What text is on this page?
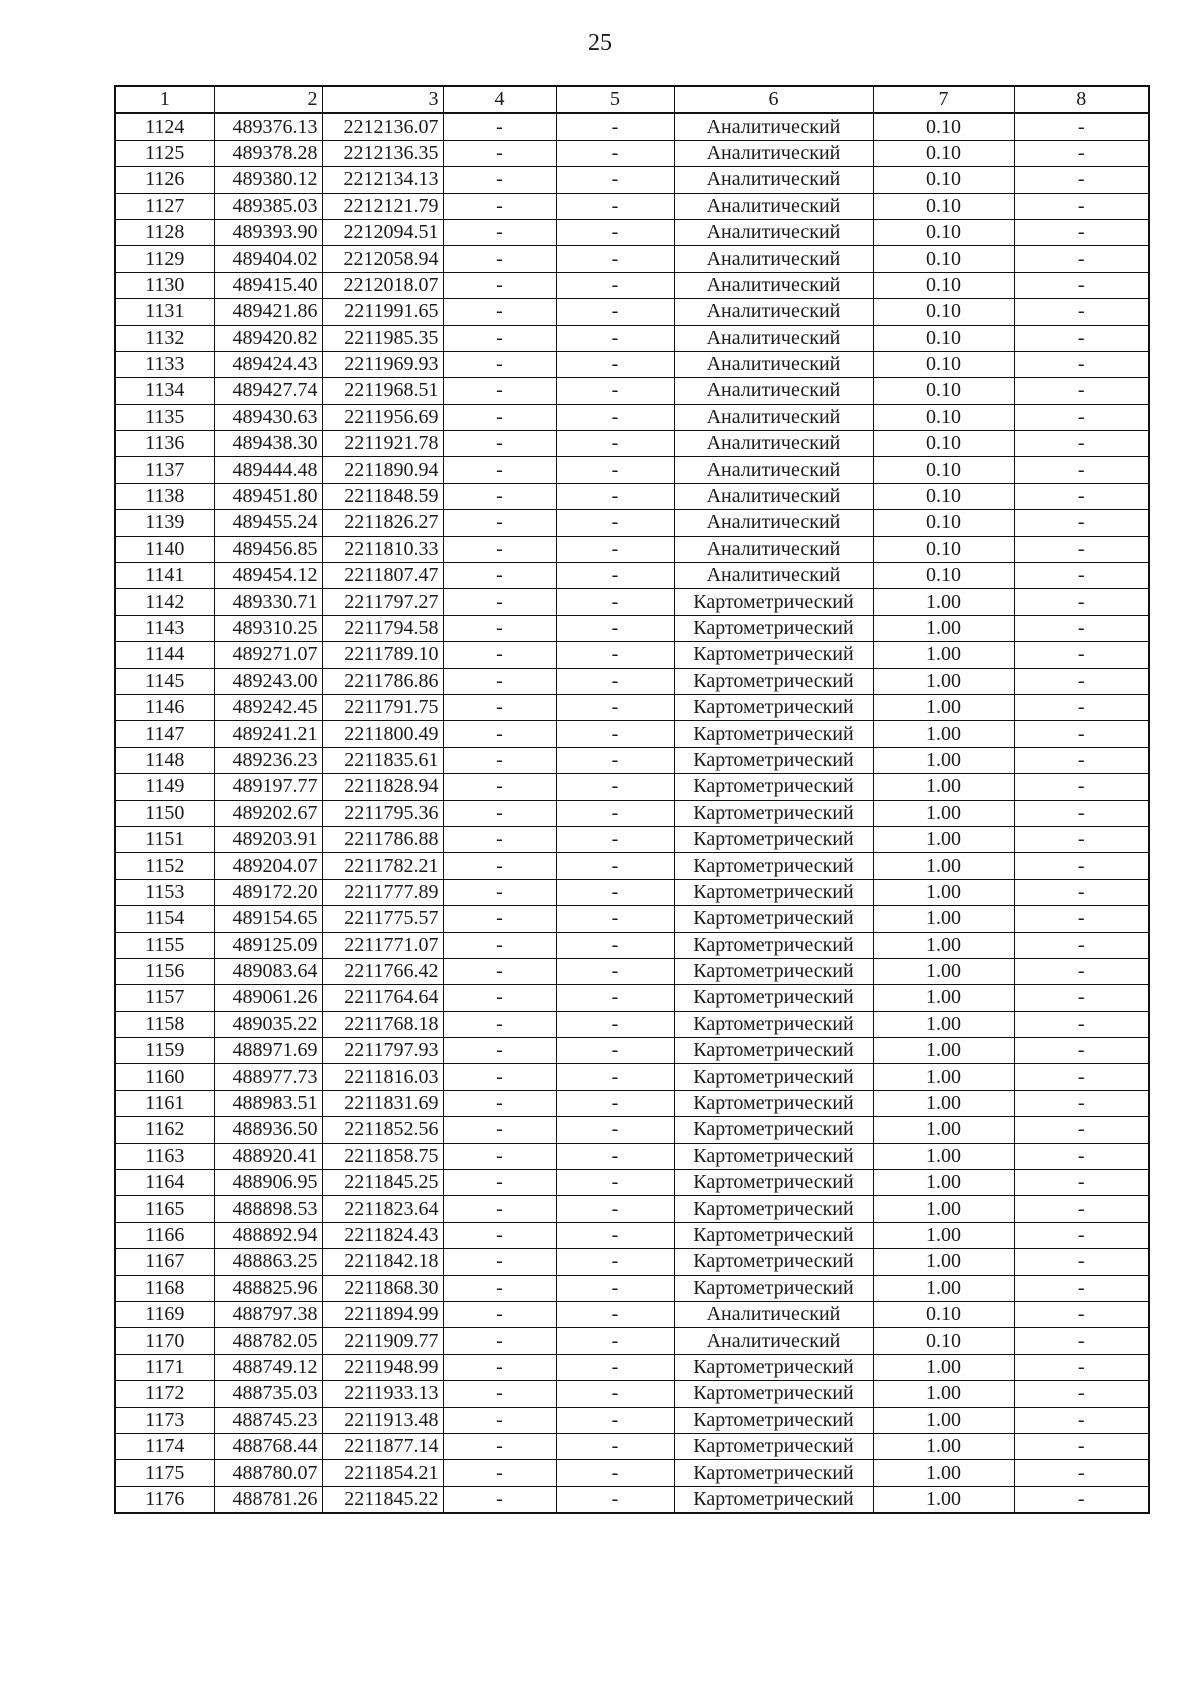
25
1	2	3	4	5	6	7	8
1124	489376.13	2212136.07	-	-	Аналитический	0.10	-
1125	489378.28	2212136.35	-	-	Аналитический	0.10	-
1126	489380.12	2212134.13	-	-	Аналитический	0.10	-
1127	489385.03	2212121.79	-	-	Аналитический	0.10	-
1128	489393.90	2212094.51	-	-	Аналитический	0.10	-
1129	489404.02	2212058.94	-	-	Аналитический	0.10	-
1130	489415.40	2212018.07	-	-	Аналитический	0.10	-
1131	489421.86	2211991.65	-	-	Аналитический	0.10	-
1132	489420.82	2211985.35	-	-	Аналитический	0.10	-
1133	489424.43	2211969.93	-	-	Аналитический	0.10	-
1134	489427.74	2211968.51	-	-	Аналитический	0.10	-
1135	489430.63	2211956.69	-	-	Аналитический	0.10	-
1136	489438.30	2211921.78	-	-	Аналитический	0.10	-
1137	489444.48	2211890.94	-	-	Аналитический	0.10	-
1138	489451.80	2211848.59	-	-	Аналитический	0.10	-
1139	489455.24	2211826.27	-	-	Аналитический	0.10	-
1140	489456.85	2211810.33	-	-	Аналитический	0.10	-
1141	489454.12	2211807.47	-	-	Аналитический	0.10	-
1142	489330.71	2211797.27	-	-	Картометрический	1.00	-
1143	489310.25	2211794.58	-	-	Картометрический	1.00	-
1144	489271.07	2211789.10	-	-	Картометрический	1.00	-
1145	489243.00	2211786.86	-	-	Картометрический	1.00	-
1146	489242.45	2211791.75	-	-	Картометрический	1.00	-
1147	489241.21	2211800.49	-	-	Картометрический	1.00	-
1148	489236.23	2211835.61	-	-	Картометрический	1.00	-
1149	489197.77	2211828.94	-	-	Картометрический	1.00	-
1150	489202.67	2211795.36	-	-	Картометрический	1.00	-
1151	489203.91	2211786.88	-	-	Картометрический	1.00	-
1152	489204.07	2211782.21	-	-	Картометрический	1.00	-
1153	489172.20	2211777.89	-	-	Картометрический	1.00	-
1154	489154.65	2211775.57	-	-	Картометрический	1.00	-
1155	489125.09	2211771.07	-	-	Картометрический	1.00	-
1156	489083.64	2211766.42	-	-	Картометрический	1.00	-
1157	489061.26	2211764.64	-	-	Картометрический	1.00	-
1158	489035.22	2211768.18	-	-	Картометрический	1.00	-
1159	488971.69	2211797.93	-	-	Картометрический	1.00	-
1160	488977.73	2211816.03	-	-	Картометрический	1.00	-
1161	488983.51	2211831.69	-	-	Картометрический	1.00	-
1162	488936.50	2211852.56	-	-	Картометрический	1.00	-
1163	488920.41	2211858.75	-	-	Картометрический	1.00	-
1164	488906.95	2211845.25	-	-	Картометрический	1.00	-
1165	488898.53	2211823.64	-	-	Картометрический	1.00	-
1166	488892.94	2211824.43	-	-	Картометрический	1.00	-
1167	488863.25	2211842.18	-	-	Картометрический	1.00	-
1168	488825.96	2211868.30	-	-	Картометрический	1.00	-
1169	488797.38	2211894.99	-	-	Аналитический	0.10	-
1170	488782.05	2211909.77	-	-	Аналитический	0.10	-
1171	488749.12	2211948.99	-	-	Картометрический	1.00	-
1172	488735.03	2211933.13	-	-	Картометрический	1.00	-
1173	488745.23	2211913.48	-	-	Картометрический	1.00	-
1174	488768.44	2211877.14	-	-	Картометрический	1.00	-
1175	488780.07	2211854.21	-	-	Картометрический	1.00	-
1176	488781.26	2211845.22	-	-	Картометрический	1.00	-
